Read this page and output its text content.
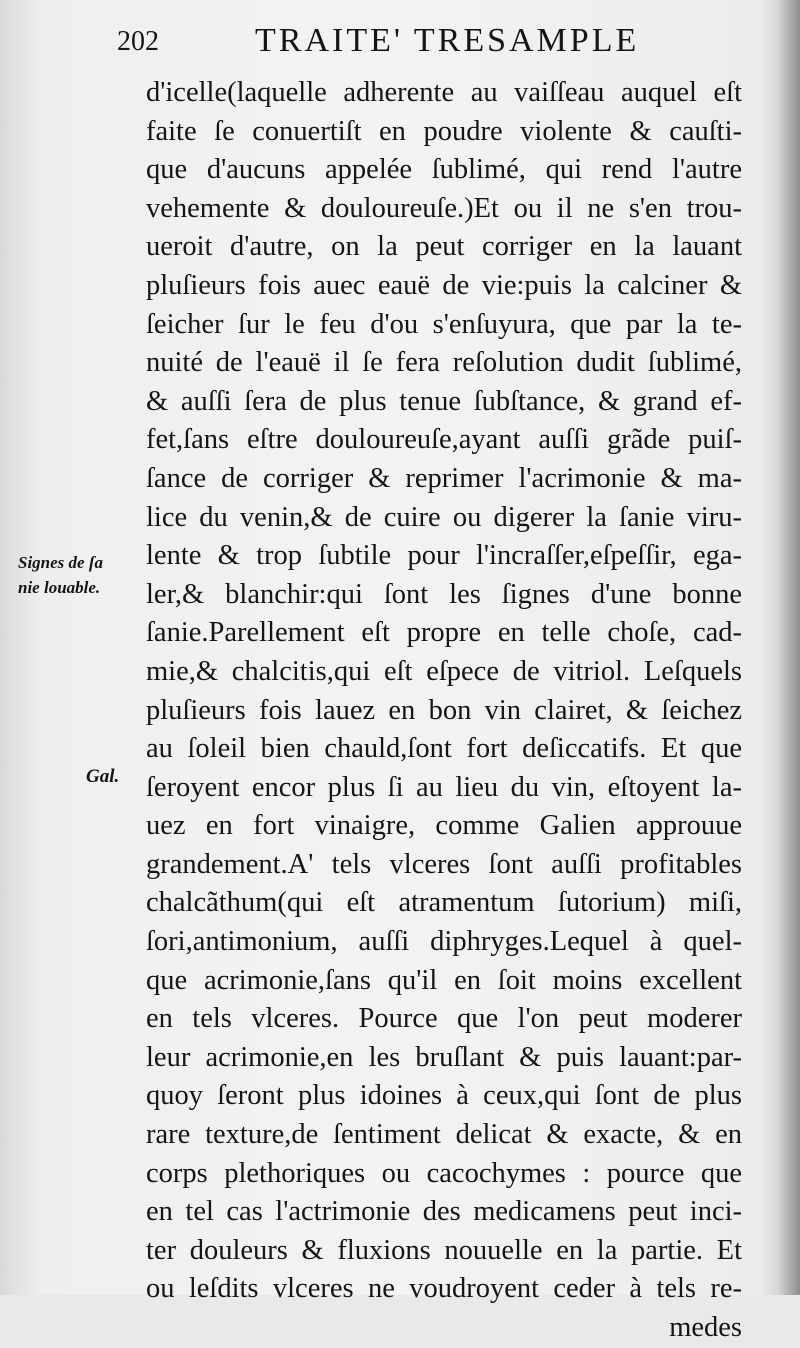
202	TRAITE' TRESAMPLE
Signes de ſa
nie louable.
Gal.
d'icelle(laquelle adherente au vaiſſeau auquel eſt
faite ſe conuertiſt en poudre violente & cauſti-
que d'aucuns appelée ſublimé, qui rend l'autre
vehemente & douloureuſe.)Et ou il ne s'en trou-
ueroit d'autre, on la peut corriger en la lauant
pluſieurs fois auec eauë de vie:puis la calciner &
ſeicher ſur le feu d'ou s'enſuyura, que par la te-
nuité de l'eauë il ſe fera reſolution dudit ſublimé,
& auſſi ſera de plus tenue ſubſtance, & grand ef-
fet,ſans eſtre douloureuſe,ayant auſſi grãde puiſ-
ſance de corriger & reprimer l'acrimonie & ma-
lice du venin,& de cuire ou digerer la ſanie viru-
lente & trop ſubtile pour l'incraſſer,eſpeſſir, ega-
ler,& blanchir:qui ſont les ſignes d'une bonne
ſanie.Parellement eſt propre en telle choſe, cad-
mie,& chalcitis,qui eſt eſpece de vitriol. Leſquels
pluſieurs fois lauez en bon vin clairet, & ſeichez
au ſoleil bien chauld,ſont fort deſiccatifs. Et que
ſeroyent encor plus ſi au lieu du vin, eſtoyent la-
uez en fort vinaigre, comme Galien approuue
grandement.A' tels vlceres ſont auſſi profitables
chalcãthum(qui eſt atramentum ſutorium) miſi,
ſori,antimonium, auſſi diphryges.Lequel à quel-
que acrimonie,ſans qu'il en ſoit moins excellent
en tels vlceres. Pource que l'on peut moderer
leur acrimonie,en les bruſlant & puis lauant:par-
quoy ſeront plus idoines à ceux,qui ſont de plus
rare texture,de ſentiment delicat & exacte, & en
corps plethoriques ou cacochymes : pource que
en tel cas l'actrimonie des medicamens peut inci-
ter douleurs & fluxions nouuelle en la partie. Et
ou leſdits vlceres ne voudroyent ceder à tels re-
medes
